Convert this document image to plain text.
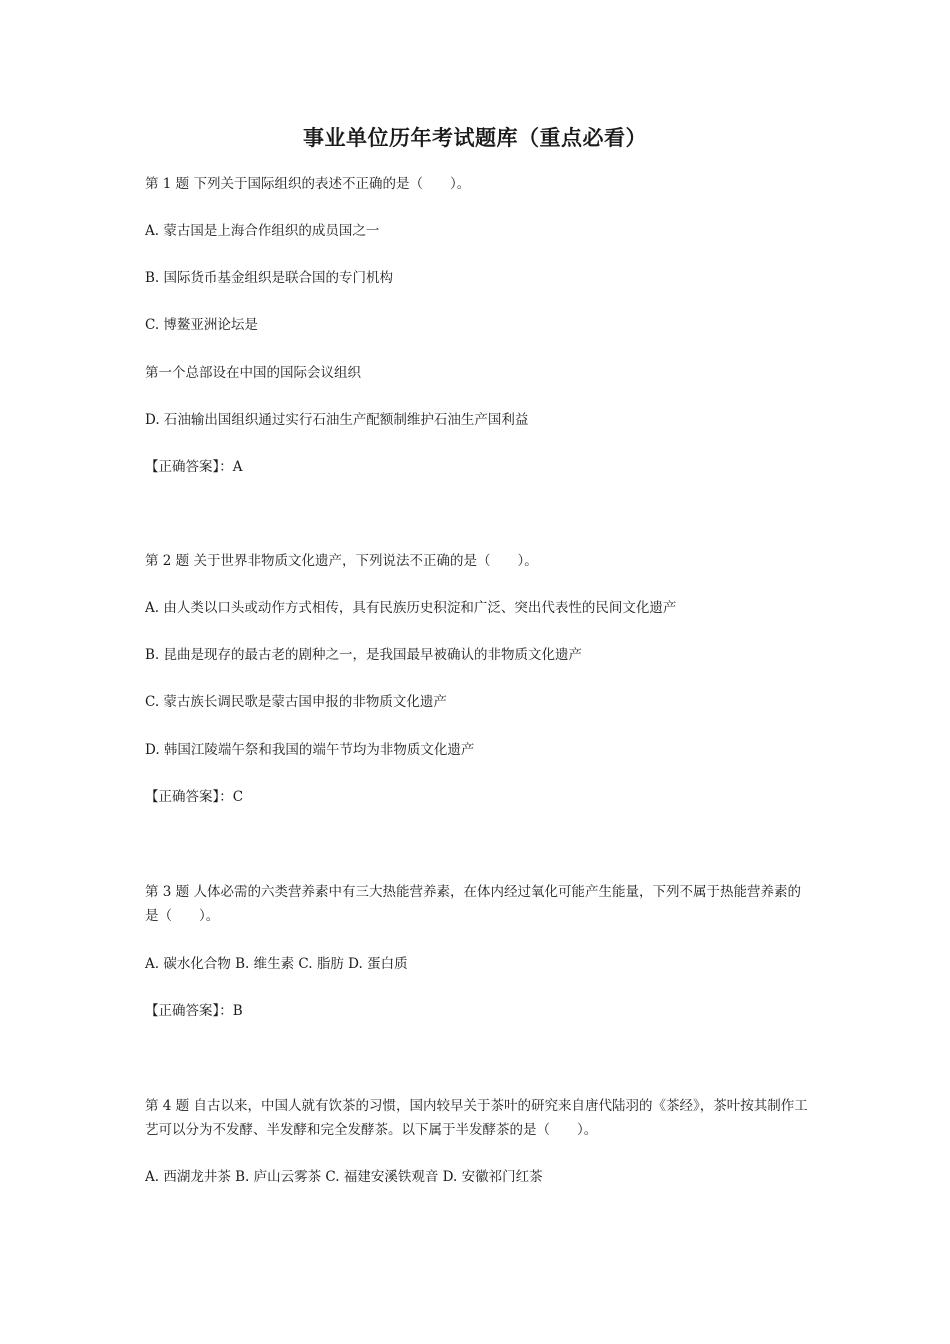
事业单位历年考试题库（重点必看）
第 1 题 下列关于国际组织的表述不正确的是（　　）。
A. 蒙古国是上海合作组织的成员国之一
B. 国际货币基金组织是联合国的专门机构
C. 博鳌亚洲论坛是
第一个总部设在中国的国际会议组织
D. 石油输出国组织通过实行石油生产配额制维护石油生产国利益
【正确答案】：A
第 2 题 关于世界非物质文化遗产，下列说法不正确的是（　　）。
A. 由人类以口头或动作方式相传，具有民族历史积淀和广泛、突出代表性的民间文化遗产
B. 昆曲是现存的最古老的剧种之一，是我国最早被确认的非物质文化遗产
C. 蒙古族长调民歌是蒙古国申报的非物质文化遗产
D. 韩国江陵端午祭和我国的端午节均为非物质文化遗产
【正确答案】：C
第 3 题 人体必需的六类营养素中有三大热能营养素，在体内经过氧化可能产生能量，下列不属于热能营养素的是（　　）。
A. 碳水化合物 B. 维生素 C. 脂肪 D. 蛋白质
【正确答案】：B
第 4 题 自古以来，中国人就有饮茶的习惯，国内较早关于茶叶的研究来自唐代陆羽的《茶经》，茶叶按其制作工艺可以分为不发酵、半发酵和完全发酵茶。以下属于半发酵茶的是（　　）。
A. 西湖龙井茶 B. 庐山云雾茶 C. 福建安溪铁观音 D. 安徽祁门红茶
